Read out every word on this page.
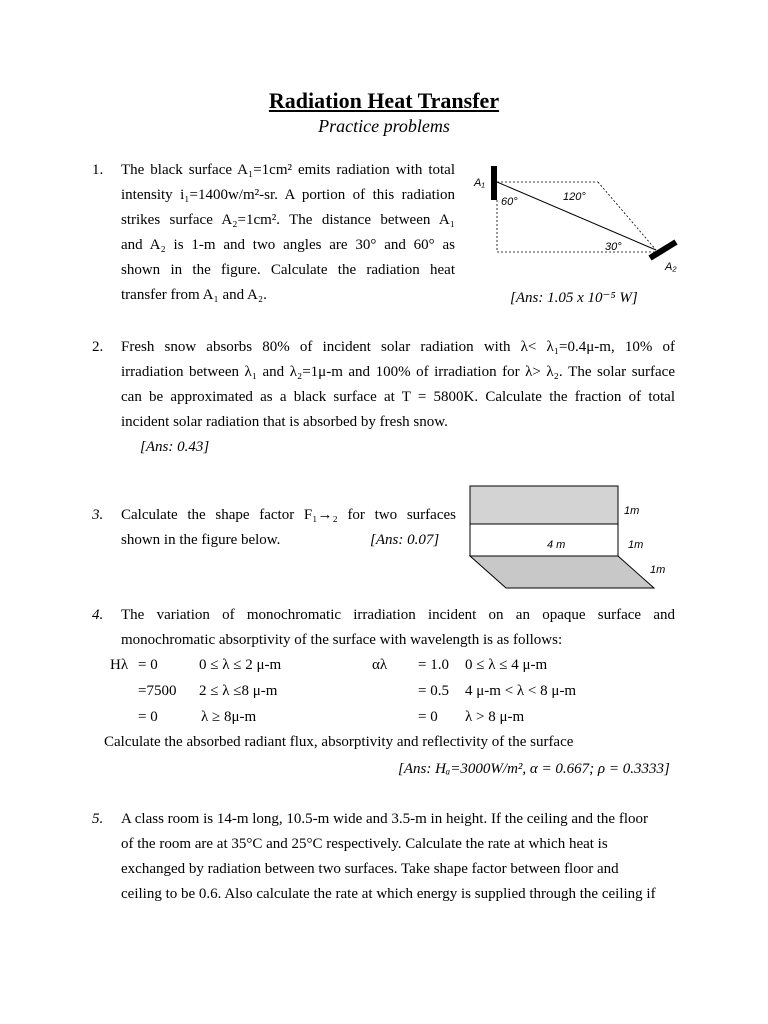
Radiation Heat Transfer
Practice problems
1. The black surface A₁=1cm² emits radiation with total
intensity i₁=1400w/m²-sr. A portion of this radiation
strikes surface A₂=1cm². The distance between A₁
and A₂ is 1-m and two angles are 30° and 60° as
shown in the figure. Calculate the radiation heat
transfer from A₁ and A₂.	[Ans: 1.05 x 10⁻⁵ W]
A₁
60°	120°
30°
A₂
2. Fresh snow absorbs 80% of incident solar radiation with λ< λ₁=0.4μ-m, 10% of
irradiation between λ₁ and λ₂=1μ-m and 100% of irradiation for λ> λ₂. The solar surface
can be approximated as a black surface at T = 5800K. Calculate the fraction of total
incident solar radiation that is absorbed by fresh snow.
[Ans: 0.43]
3. Calculate the shape factor F₁→₂ for two surfaces
shown in the figure below.	[Ans: 0.07]
1m
4 m	1m
1m
4. The variation of monochromatic irradiation incident on an opaque surface and
monochromatic absorptivity of the surface with wavelength is as follows:
Hλ	αλ
= 0	0 ≤ λ ≤ 2 μ-m	= 1.0 0 ≤ λ ≤ 4 μ-m
=7500 2 ≤ λ ≤8 μ-m	= 0.5 4 μ-m < λ < 8 μ-m
= 0	λ ≥ 8μ-m	= 0 λ > 8 μ-m
Calculate the absorbed radiant flux, absorptivity and reflectivity of the surface
[Ans: Hₐ=3000W/m², α = 0.667; ρ = 0.3333]
5. A class room is 14-m long, 10.5-m wide and 3.5-m in height. If the ceiling and the floor
of the room are at 35°C and 25°C respectively. Calculate the rate at which heat is
exchanged by radiation between two surfaces. Take shape factor between floor and
ceiling to be 0.6. Also calculate the rate at which energy is supplied through the ceiling if
